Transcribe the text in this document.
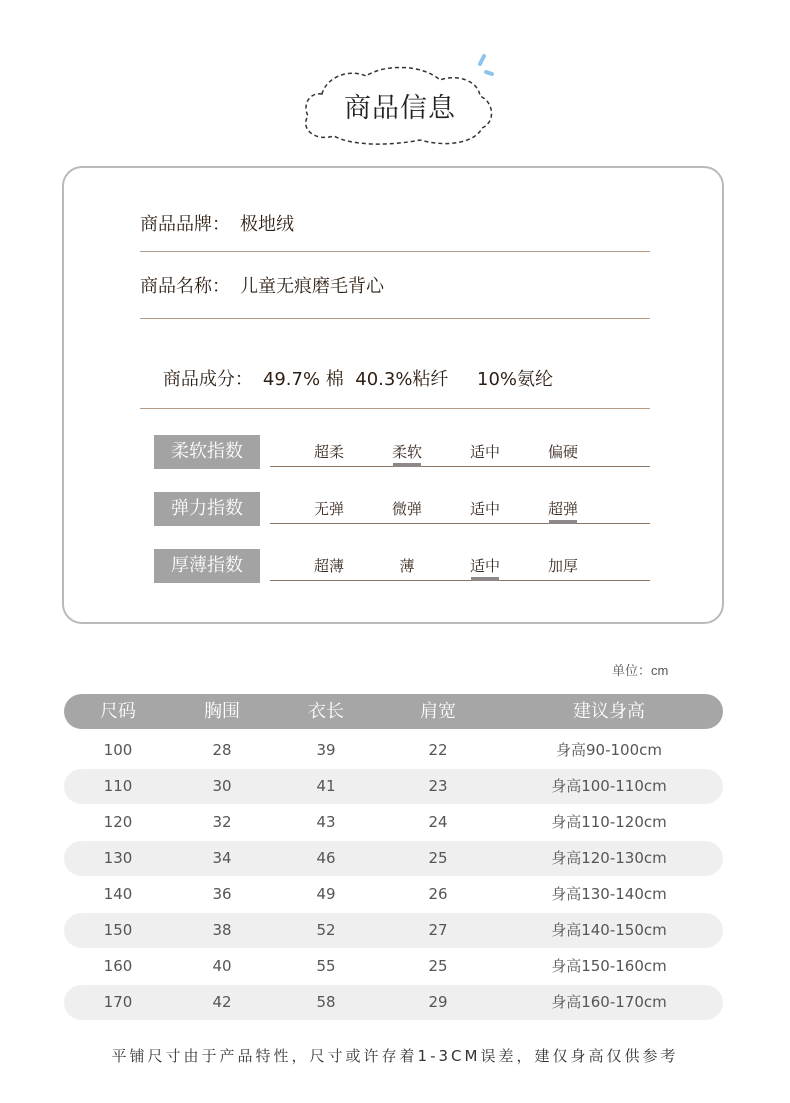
商品信息
商品品牌： 极地绒
商品名称： 儿童无痕磨毛背心

商品成分： 49.7% 棉  40.3%粘纤     10%氨纶

柔软指数	超柔	柔软	适中	偏硬
弹力指数	无弹	微弹	适中	超弹
厚薄指数	超薄	薄	适中	加厚
单位：cm
尺码	胸围	衣长	肩宽	建议身高
100	28	39	22	身高90-100cm
110	30	41	23	身高100-110cm
120	32	43	24	身高110-120cm
130	34	46	25	身高120-130cm
140	36	49	26	身高130-140cm
150	38	52	27	身高140-150cm
160	40	55	25	身高150-160cm
170	42	58	29	身高160-170cm
平铺尺寸由于产品特性，尺寸或许存着1-3CM误差，建仅身高仅供参考
